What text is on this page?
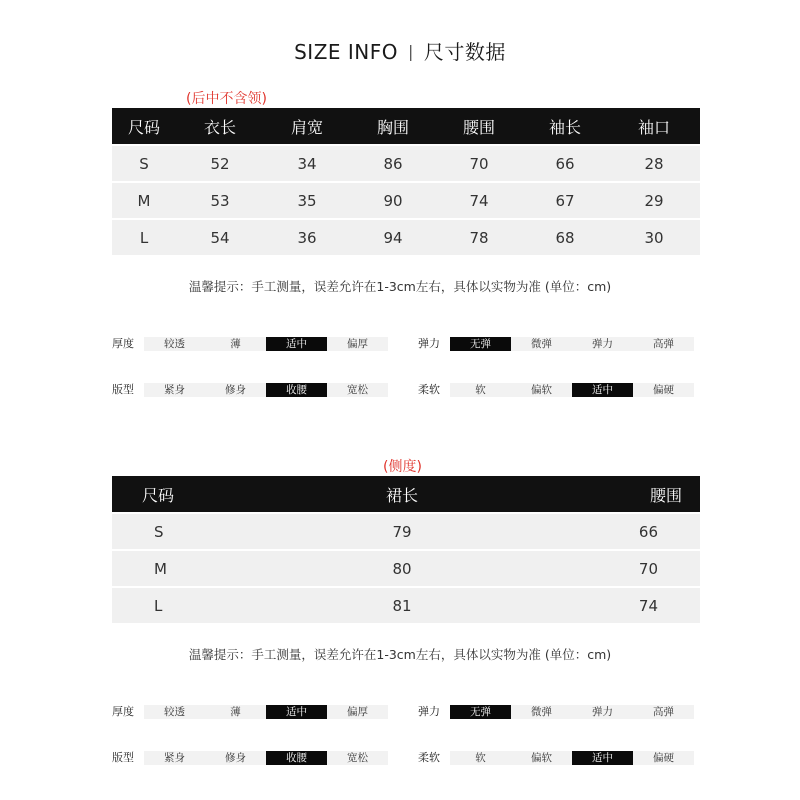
SIZE INFO | 尺寸数据
(后中不含领)
尺码	衣长	肩宽	胸围	腰围	袖长	袖口
S	52	34	86	70	66	28
M	53	35	90	74	67	29
L	54	36	94	78	68	30
温馨提示：手工测量，误差允许在1-3cm左右，具体以实物为准 (单位：cm)
厚度	较透	薄	适中	偏厚	弹力	无弹	微弹	弹力	高弹
版型	紧身	修身	收腰	宽松	柔软	软	偏软	适中	偏硬
(侧度)
尺码	裙长	腰围
S	79	66
M	80	70
L	81	74
温馨提示：手工测量，误差允许在1-3cm左右，具体以实物为准 (单位：cm)
厚度	较透	薄	适中	偏厚	弹力	无弹	微弹	弹力	高弹
版型	紧身	修身	收腰	宽松	柔软	软	偏软	适中	偏硬
